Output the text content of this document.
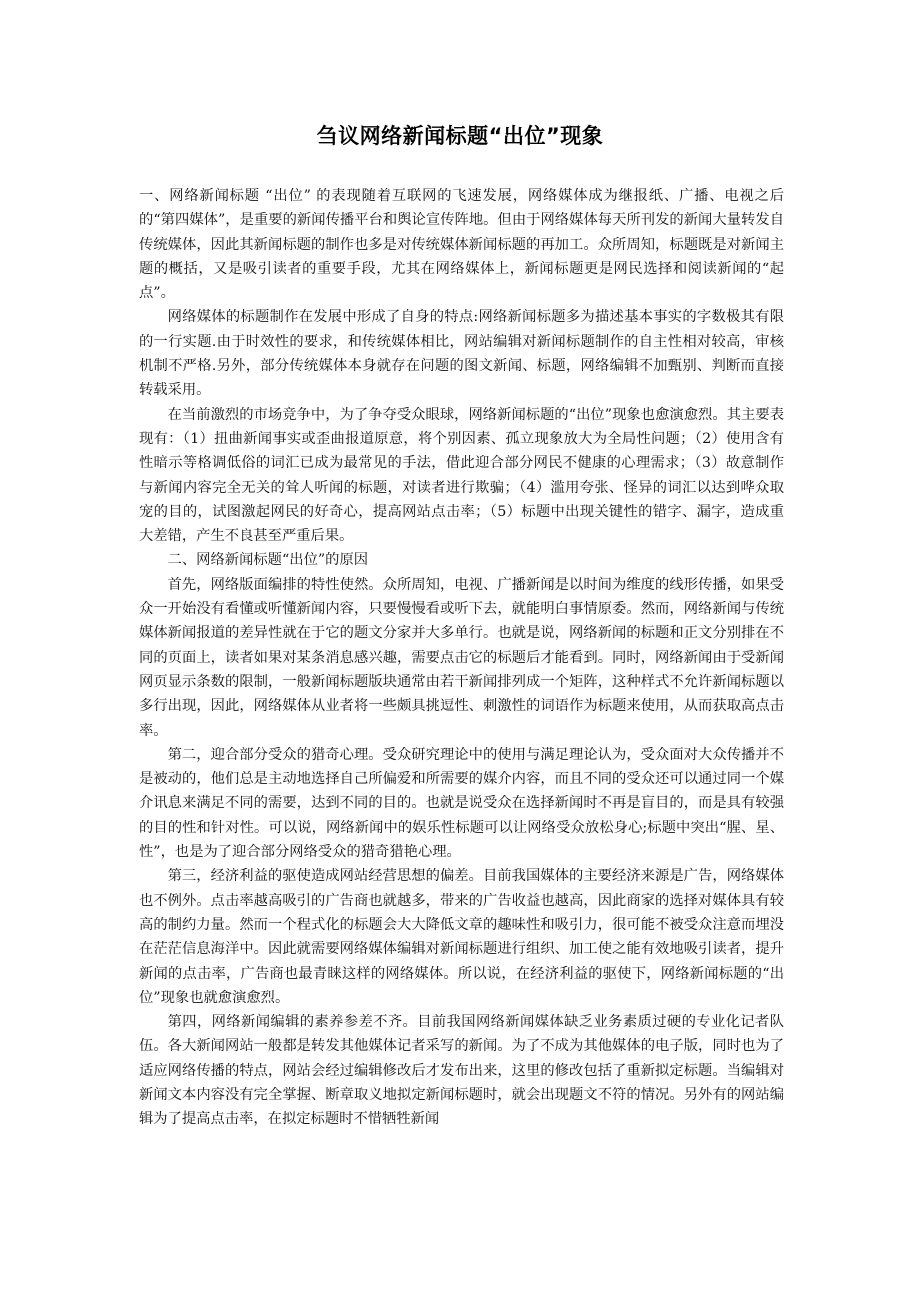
刍议网络新闻标题“出位”现象

一、网络新闻标题 “出位” 的表现随着互联网的飞速发展，网络媒体成为继报纸、广播、电视之后的“第四媒体”，是重要的新闻传播平台和舆论宣传阵地。但由于网络媒体每天所刊发的新闻大量转发自传统媒体，因此其新闻标题的制作也多是对传统媒体新闻标题的再加工。众所周知，标题既是对新闻主题的概括，又是吸引读者的重要手段，尤其在网络媒体上，新闻标题更是网民选择和阅读新闻的“起点”。

网络媒体的标题制作在发展中形成了自身的特点:网络新闻标题多为描述基本事实的字数极其有限的一行实题.由于时效性的要求，和传统媒体相比，网站编辑对新闻标题制作的自主性相对较高，审核机制不严格.另外，部分传统媒体本身就存在问题的图文新闻、标题，网络编辑不加甄别、判断而直接转载采用。

在当前激烈的市场竞争中，为了争夺受众眼球，网络新闻标题的“出位”现象也愈演愈烈。其主要表现有：（1）扭曲新闻事实或歪曲报道原意，将个别因素、孤立现象放大为全局性问题；（2）使用含有性暗示等格调低俗的词汇已成为最常见的手法，借此迎合部分网民不健康的心理需求；（3）故意制作与新闻内容完全无关的耸人听闻的标题，对读者进行欺骗；（4）滥用夸张、怪异的词汇以达到哗众取宠的目的，试图激起网民的好奇心，提高网站点击率；（5）标题中出现关键性的错字、漏字，造成重大差错，产生不良甚至严重后果。

二、网络新闻标题“出位”的原因

首先，网络版面编排的特性使然。众所周知，电视、广播新闻是以时间为维度的线形传播，如果受众一开始没有看懂或听懂新闻内容，只要慢慢看或听下去，就能明白事情原委。然而，网络新闻与传统媒体新闻报道的差异性就在于它的题文分家并大多单行。也就是说，网络新闻的标题和正文分别排在不同的页面上，读者如果对某条消息感兴趣，需要点击它的标题后才能看到。同时，网络新闻由于受新闻网页显示条数的限制，一般新闻标题版块通常由若干新闻排列成一个矩阵，这种样式不允许新闻标题以多行出现，因此，网络媒体从业者将一些颇具挑逗性、刺激性的词语作为标题来使用，从而获取高点击率。

第二，迎合部分受众的猎奇心理。受众研究理论中的使用与满足理论认为，受众面对大众传播并不是被动的，他们总是主动地选择自己所偏爱和所需要的媒介内容，而且不同的受众还可以通过同一个媒介讯息来满足不同的需要，达到不同的目的。也就是说受众在选择新闻时不再是盲目的，而是具有较强的目的性和针对性。可以说，网络新闻中的娱乐性标题可以让网络受众放松身心;标题中突出“腥、星、性”，也是为了迎合部分网络受众的猎奇猎艳心理。

第三，经济利益的驱使造成网站经营思想的偏差。目前我国媒体的主要经济来源是广告，网络媒体也不例外。点击率越高吸引的广告商也就越多，带来的广告收益也越高，因此商家的选择对媒体具有较高的制约力量。然而一个程式化的标题会大大降低文章的趣味性和吸引力，很可能不被受众注意而埋没在茫茫信息海洋中。因此就需要网络媒体编辑对新闻标题进行组织、加工使之能有效地吸引读者，提升新闻的点击率，广告商也最青睐这样的网络媒体。所以说，在经济利益的驱使下，网络新闻标题的“出位”现象也就愈演愈烈。

第四，网络新闻编辑的素养参差不齐。目前我国网络新闻媒体缺乏业务素质过硬的专业化记者队伍。各大新闻网站一般都是转发其他媒体记者采写的新闻。为了不成为其他媒体的电子版，同时也为了适应网络传播的特点，网站会经过编辑修改后才发布出来，这里的修改包括了重新拟定标题。当编辑对新闻文本内容没有完全掌握、断章取义地拟定新闻标题时，就会出现题文不符的情况。另外有的网站编辑为了提高点击率，在拟定标题时不惜牺牲新闻
